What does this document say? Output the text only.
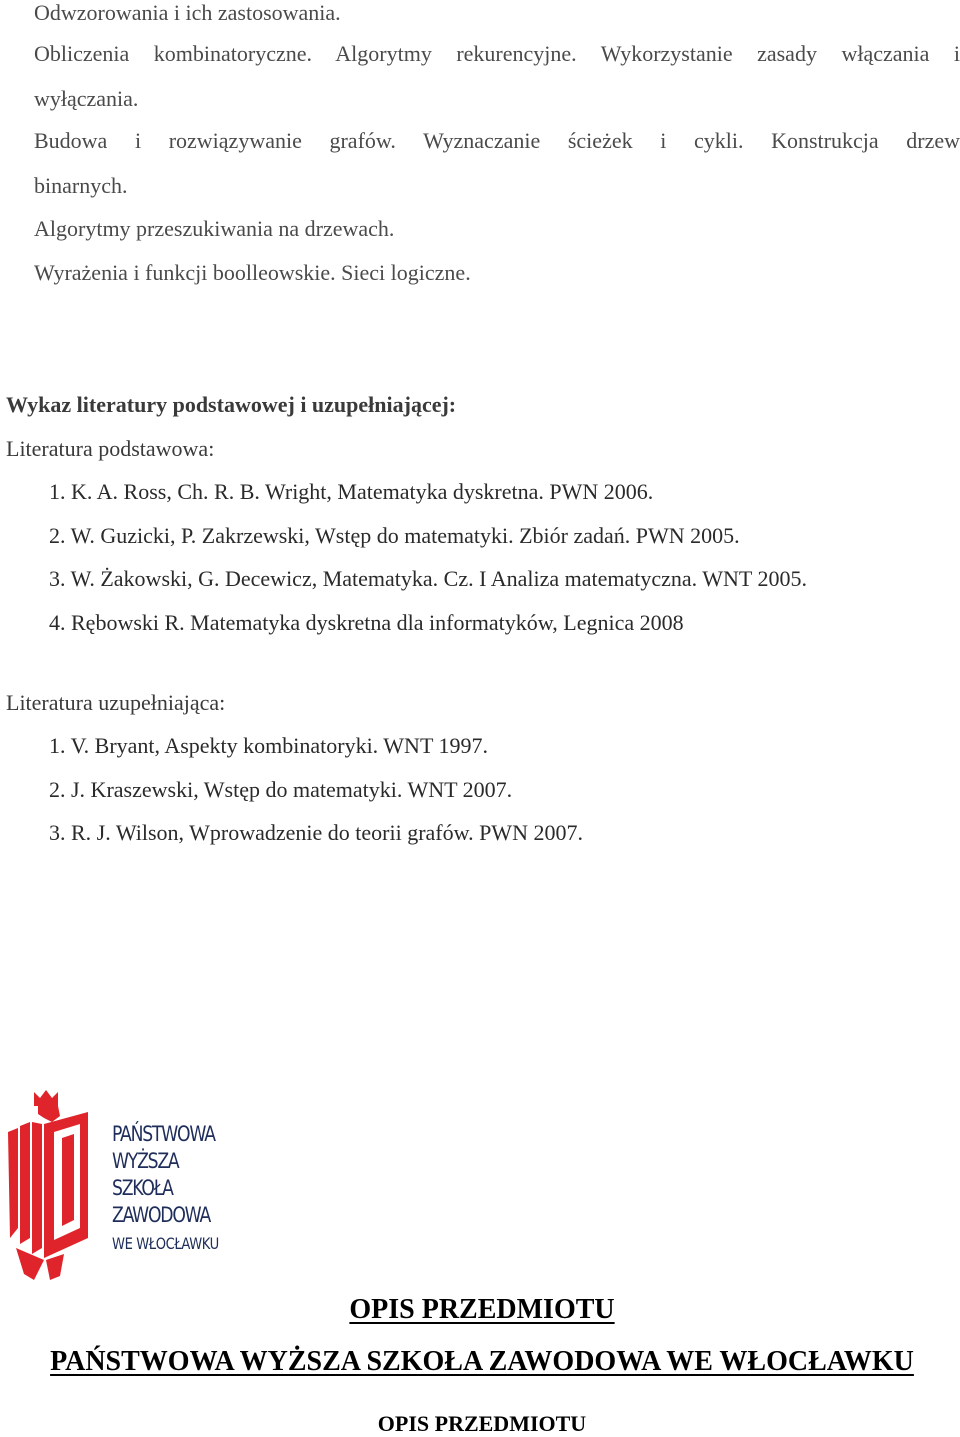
Odwzorowania i ich zastosowania.
Obliczenia kombinatoryczne. Algorytmy rekurencyjne. Wykorzystanie zasady włączania i
wyłączania.
Budowa i rozwiązywanie grafów. Wyznaczanie ścieżek i cykli. Konstrukcja drzew
binarnych.
Algorytmy przeszukiwania na drzewach.
Wyrażenia i funkcji boolleowskie. Sieci logiczne.
Wykaz literatury podstawowej i uzupełniającej:
Literatura podstawowa:
1. K. A. Ross, Ch. R. B. Wright, Matematyka dyskretna. PWN 2006.
2. W. Guzicki, P. Zakrzewski, Wstęp do matematyki. Zbiór zadań. PWN 2005.
3. W. Żakowski, G. Decewicz, Matematyka. Cz. I Analiza matematyczna. WNT 2005.
4. Rębowski R. Matematyka dyskretna dla informatyków, Legnica 2008
Literatura uzupełniająca:
1. V. Bryant, Aspekty kombinatoryki. WNT 1997.
2. J. Kraszewski, Wstęp do matematyki. WNT 2007.
3. R. J. Wilson, Wprowadzenie do teorii grafów. PWN 2007.
PAŃSTWOWA
WYŻSZA
SZKOŁA
ZAWODOWA
WE WŁOCŁAWKU
OPIS PRZEDMIOTU
PAŃSTWOWA WYŻSZA SZKOŁA ZAWODOWA WE WŁOCŁAWKU
OPIS PRZEDMIOTU
